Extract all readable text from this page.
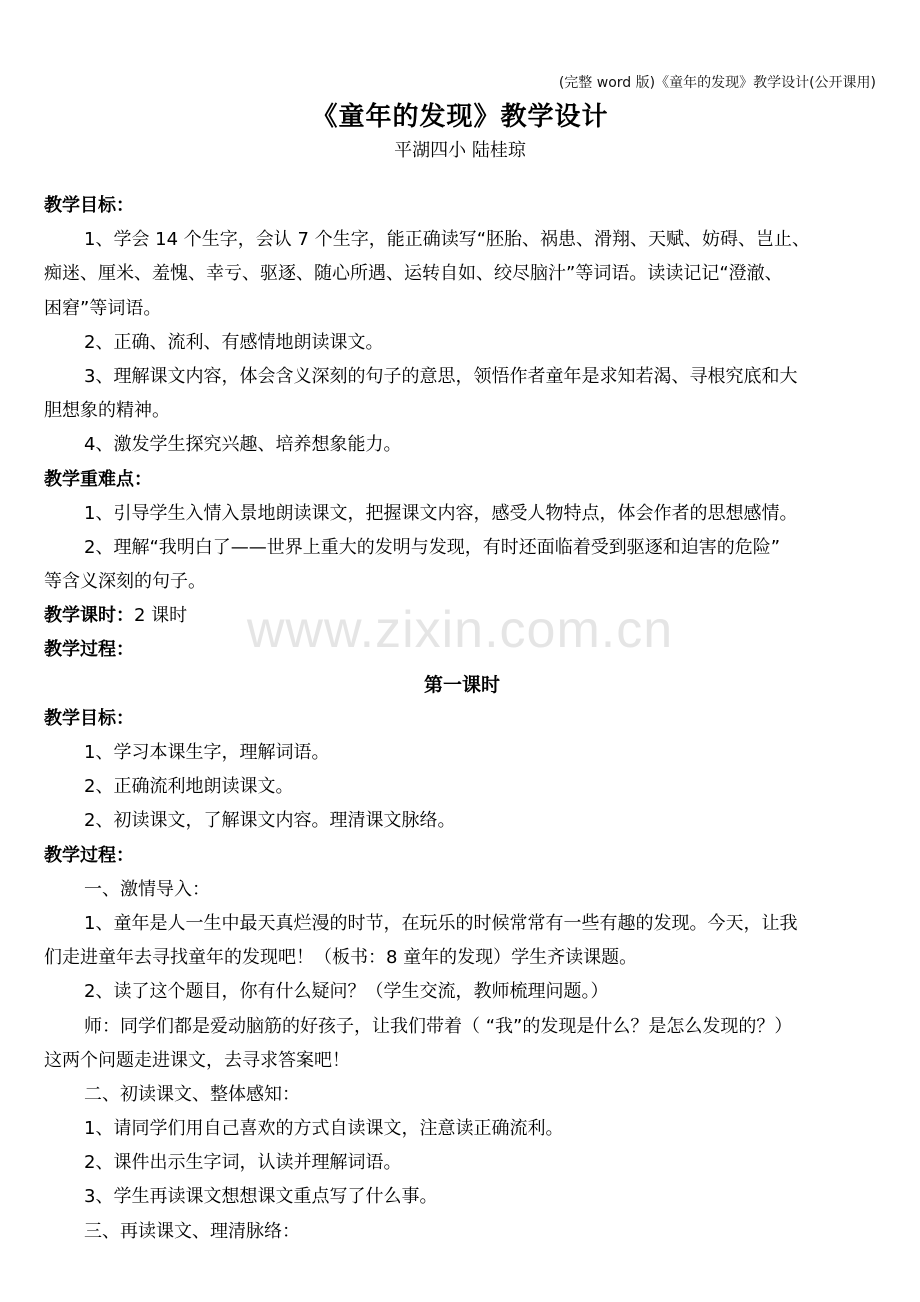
(完整 word 版)《童年的发现》教学设计(公开课用)
《童年的发现》教学设计
平湖四小 陆桂琼
www.zixin.com.cn
教学目标：
1、学会 14 个生字，会认 7 个生字，能正确读写“胚胎、祸患、滑翔、天赋、妨碍、岂止、
痴迷、厘米、羞愧、幸亏、驱逐、随心所遇、运转自如、绞尽脑汁”等词语。读读记记“澄澈、
困窘”等词语。
2、正确、流利、有感情地朗读课文。
3、理解课文内容，体会含义深刻的句子的意思，领悟作者童年是求知若渴、寻根究底和大
胆想象的精神。
4、激发学生探究兴趣、培养想象能力。
教学重难点：
1、引导学生入情入景地朗读课文，把握课文内容，感受人物特点，体会作者的思想感情。
2、理解“我明白了——世界上重大的发明与发现，有时还面临着受到驱逐和迫害的危险”
等含义深刻的句子。
教学课时：2 课时
教学过程：
第一课时
教学目标：
1、学习本课生字，理解词语。
2、正确流利地朗读课文。
2、初读课文，了解课文内容。理清课文脉络。
教学过程：
一、激情导入：
1、童年是人一生中最天真烂漫的时节，在玩乐的时候常常有一些有趣的发现。今天，让我
们走进童年去寻找童年的发现吧！（板书：8 童年的发现）学生齐读课题。
2、读了这个题目，你有什么疑问？（学生交流，教师梳理问题。）
师：同学们都是爱动脑筋的好孩子，让我们带着（ “我”的发现是什么？是怎么发现的？）
这两个问题走进课文，去寻求答案吧！
二、初读课文、整体感知：
1、请同学们用自己喜欢的方式自读课文，注意读正确流利。
2、课件出示生字词，认读并理解词语。
3、学生再读课文想想课文重点写了什么事。
三、再读课文、理清脉络：
